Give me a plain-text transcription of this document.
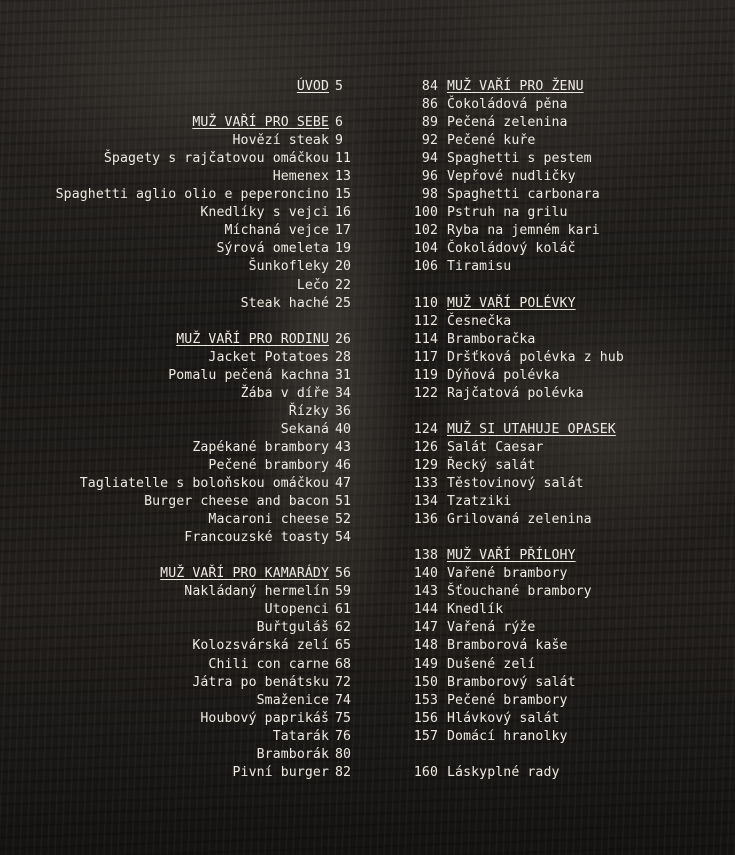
ÚVOD 5
MUŽ VAŘÍ PRO SEBE 6
Hovězí steak 9
Špagety s rajčatovou omáčkou 11
Hemenex 13
Spaghetti aglio olio e peperoncino 15
Knedlíky s vejci 16
Míchaná vejce 17
Sýrová omeleta 19
Šunkofleky 20
Lečo 22
Steak haché 25
MUŽ VAŘÍ PRO RODINU 26
Jacket Potatoes 28
Pomalu pečená kachna 31
Žába v díře 34
Řízky 36
Sekaná 40
Zapékané brambory 43
Pečené brambory 46
Tagliatelle s boloňskou omáčkou 47
Burger cheese and bacon 51
Macaroni cheese 52
Francouzské toasty 54
MUŽ VAŘÍ PRO KAMARÁDY 56
Nakládaný hermelín 59
Utopenci 61
Buřtguláš 62
Kolozsvárská zelí 65
Chili con carne 68
Játra po benátsku 72
Smaženice 74
Houbový paprikáš 75
Tatarák 76
Bramborák 80
Pivní burger 82
84 MUŽ VAŘÍ PRO ŽENU
86 Čokoládová pěna
89 Pečená zelenina
92 Pečené kuře
94 Spaghetti s pestem
96 Vepřové nudličky
98 Spaghetti carbonara
100 Pstruh na grilu
102 Ryba na jemném kari
104 Čokoládový koláč
106 Tiramisu
110 MUŽ VAŘÍ POLÉVKY
112 Česnečka
114 Bramboračka
117 Dršťková polévka z hub
119 Dýňová polévka
122 Rajčatová polévka
124 MUŽ SI UTAHUJE OPASEK
126 Salát Caesar
129 Řecký salát
133 Těstovinový salát
134 Tzatziki
136 Grilovaná zelenina
138 MUŽ VAŘÍ PŘÍLOHY
140 Vařené brambory
143 Šťouchané brambory
144 Knedlík
147 Vařená rýže
148 Bramborová kaše
149 Dušené zelí
150 Bramborový salát
153 Pečené brambory
156 Hlávkový salát
157 Domácí hranolky
160 Láskyplné rady
